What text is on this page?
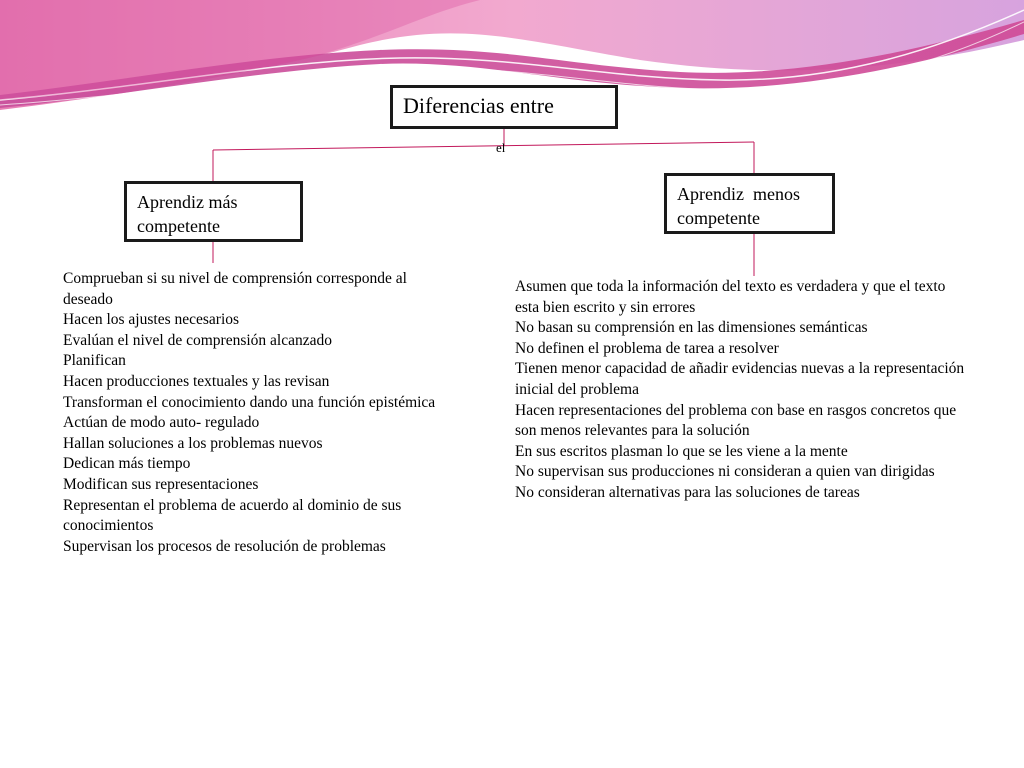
Diferencias entre
el
Aprendiz más competente
Aprendiz  menos competente
Comprueban si su nivel de comprensión corresponde al deseado
Hacen los ajustes necesarios
Evalúan el nivel de comprensión alcanzado
Planifican
Hacen producciones textuales y las revisan
Transforman el conocimiento dando una función epistémica
Actúan de modo auto- regulado
Hallan soluciones a los problemas nuevos
Dedican más tiempo
Modifican sus representaciones
Representan el problema de acuerdo al dominio de sus conocimientos
Supervisan los procesos de resolución de problemas
Asumen que toda la información del texto es verdadera y que el texto esta bien escrito y sin errores
No basan su comprensión en las dimensiones semánticas
No definen el problema de tarea a resolver
Tienen menor capacidad de añadir evidencias nuevas a la representación inicial del problema
Hacen representaciones del problema con base en rasgos concretos que son menos relevantes para la solución
En sus escritos plasman lo que se les viene a la mente
No supervisan sus producciones ni consideran a quien van dirigidas
No consideran alternativas para las soluciones de tareas
